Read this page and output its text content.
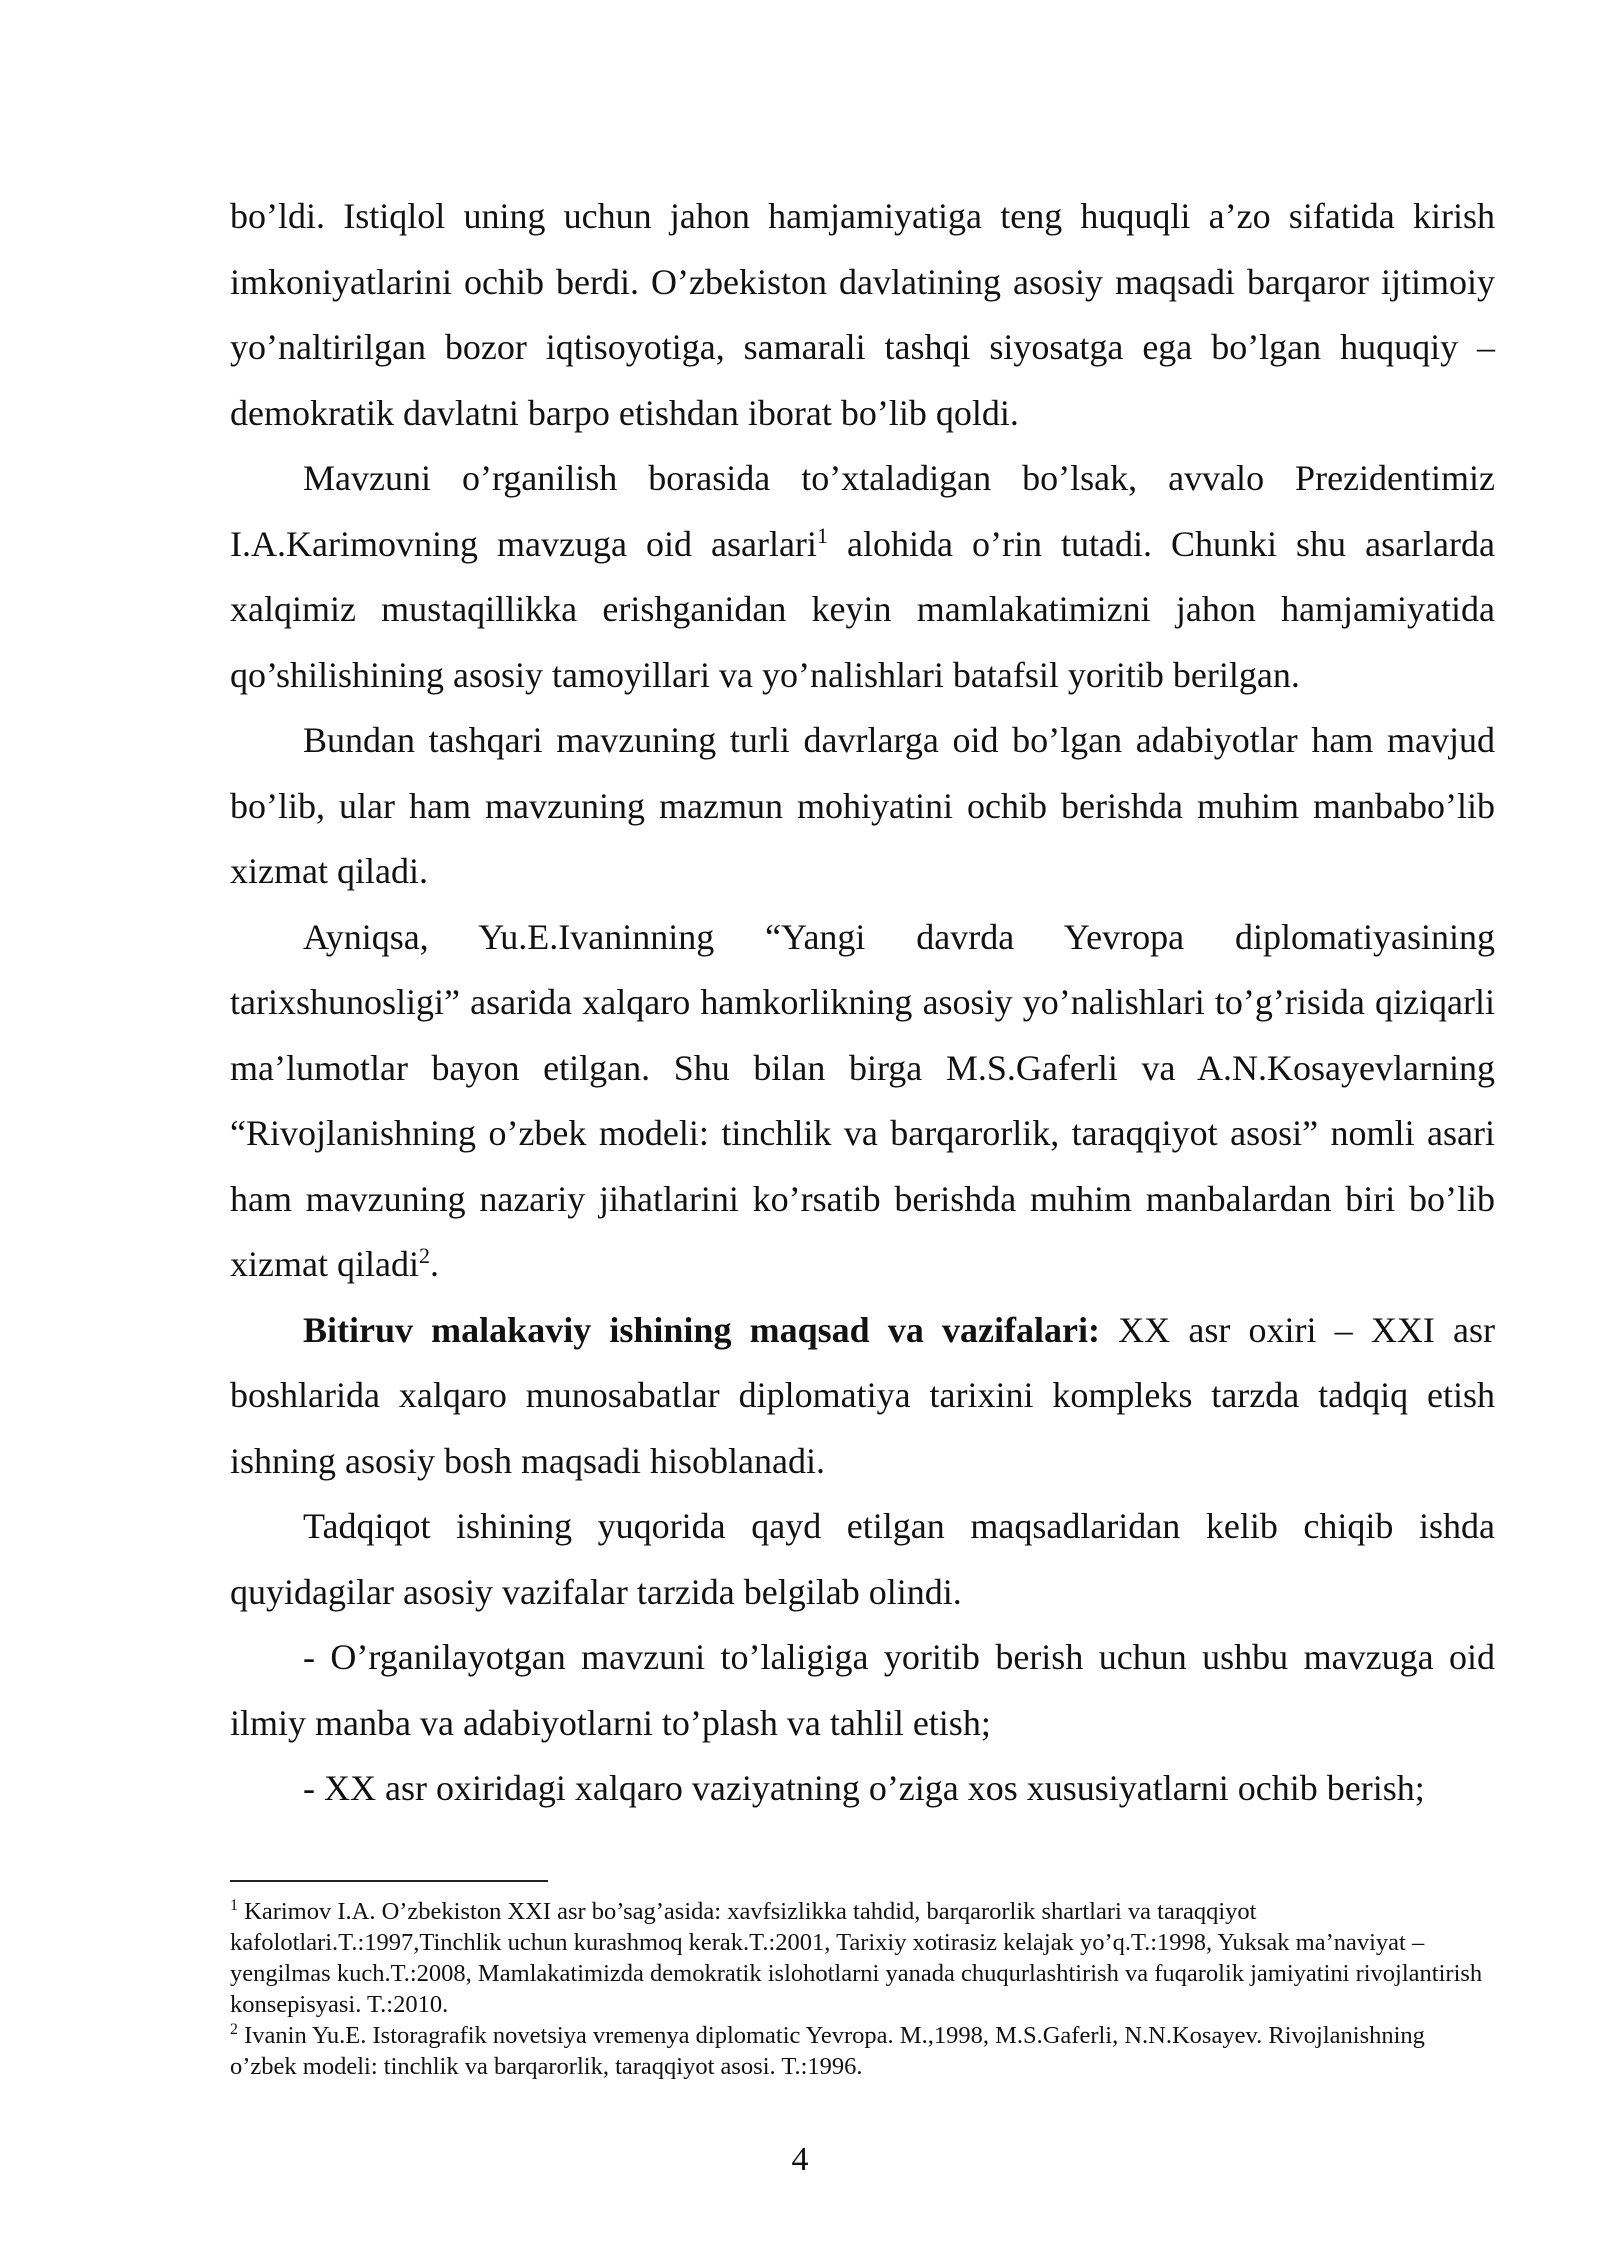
bo’ldi. Istiqlol uning uchun jahon hamjamiyatiga teng huquqli a’zo sifatida kirish imkoniyatlarini ochib berdi. O’zbekiston davlatining asosiy maqsadi barqaror ijtimoiy yo’naltirilgan bozor iqtisoyotiga, samarali tashqi siyosatga ega bo’lgan huquqiy – demokratik davlatni barpo etishdan iborat bo’lib qoldi.

Mavzuni o’rganilish borasida to’xtaladigan bo’lsak, avvalo Prezidentimiz I.A.Karimovning mavzuga oid asarlari$^1$ alohida o’rin tutadi. Chunki shu asarlarda xalqimiz mustaqillikka erishganidan keyin mamlakatimizni jahon hamjamiyatida qo’shilishining asosiy tamoyillari va yo’nalishlari batafsil yoritib berilgan.

Bundan tashqari mavzuning turli davrlarga oid bo’lgan adabiyotlar ham mavjud bo’lib, ular ham mavzuning mazmun mohiyatini ochib berishda muhim manbabo’lib xizmat qiladi.

Ayniqsa, Yu.E.Ivaninning “Yangi davrda Yevropa diplomatiyasining tarixshunosligi” asarida xalqaro hamkorlikning asosiy yo’nalishlari to’g’risida qiziqarli ma’lumotlar bayon etilgan. Shu bilan birga M.S.Gaferli va A.N.Kosayevlarning “Rivojlanishning o’zbek modeli: tinchlik va barqarorlik, taraqqiyot asosi” nomli asari ham mavzuning nazariy jihatlarini ko’rsatib berishda muhim manbalardan biri bo’lib xizmat qiladi$^2$.

Bitiruv malakaviy ishining maqsad va vazifalari: XX asr oxiri – XXI asr boshlarida xalqaro munosabatlar diplomatiya tarixini kompleks tarzda tadqiq etish ishning asosiy bosh maqsadi hisoblanadi.

Tadqiqot ishining yuqorida qayd etilgan maqsadlaridan kelib chiqib ishda quyidagilar asosiy vazifalar tarzida belgilab olindi.

- O’rganilayotgan mavzuni to’laligiga yoritib berish uchun ushbu mavzuga oid ilmiy manba va adabiyotlarni to’plash va tahlil etish;

- XX asr oxiridagi xalqaro vaziyatning o’ziga xos xususiyatlarni ochib berish;

$^1$ Karimov I.A. O’zbekiston XXI asr bo’sag’asida: xavfsizlikka tahdid, barqarorlik shartlari va taraqqiyot kafolotlari.T.:1997,Tinchlik uchun kurashmoq kerak.T.:2001, Tarixiy xotirasiz kelajak yo’q.T.:1998, Yuksak ma’naviyat – yengilmas kuch.T.:2008, Mamlakatimizda demokratik islohotlarni yanada chuqurlashtirish va fuqarolik jamiyatini rivojlantirish konsepisyasi. T.:2010.

$^2$ Ivanin Yu.E. Istoragrafik novetsiya vremenya diplomatic Yevropa. M.,1998, M.S.Gaferli, N.N.Kosayev. Rivojlanishning o’zbek modeli: tinchlik va barqarorlik, taraqqiyot asosi. T.:1996.

4
